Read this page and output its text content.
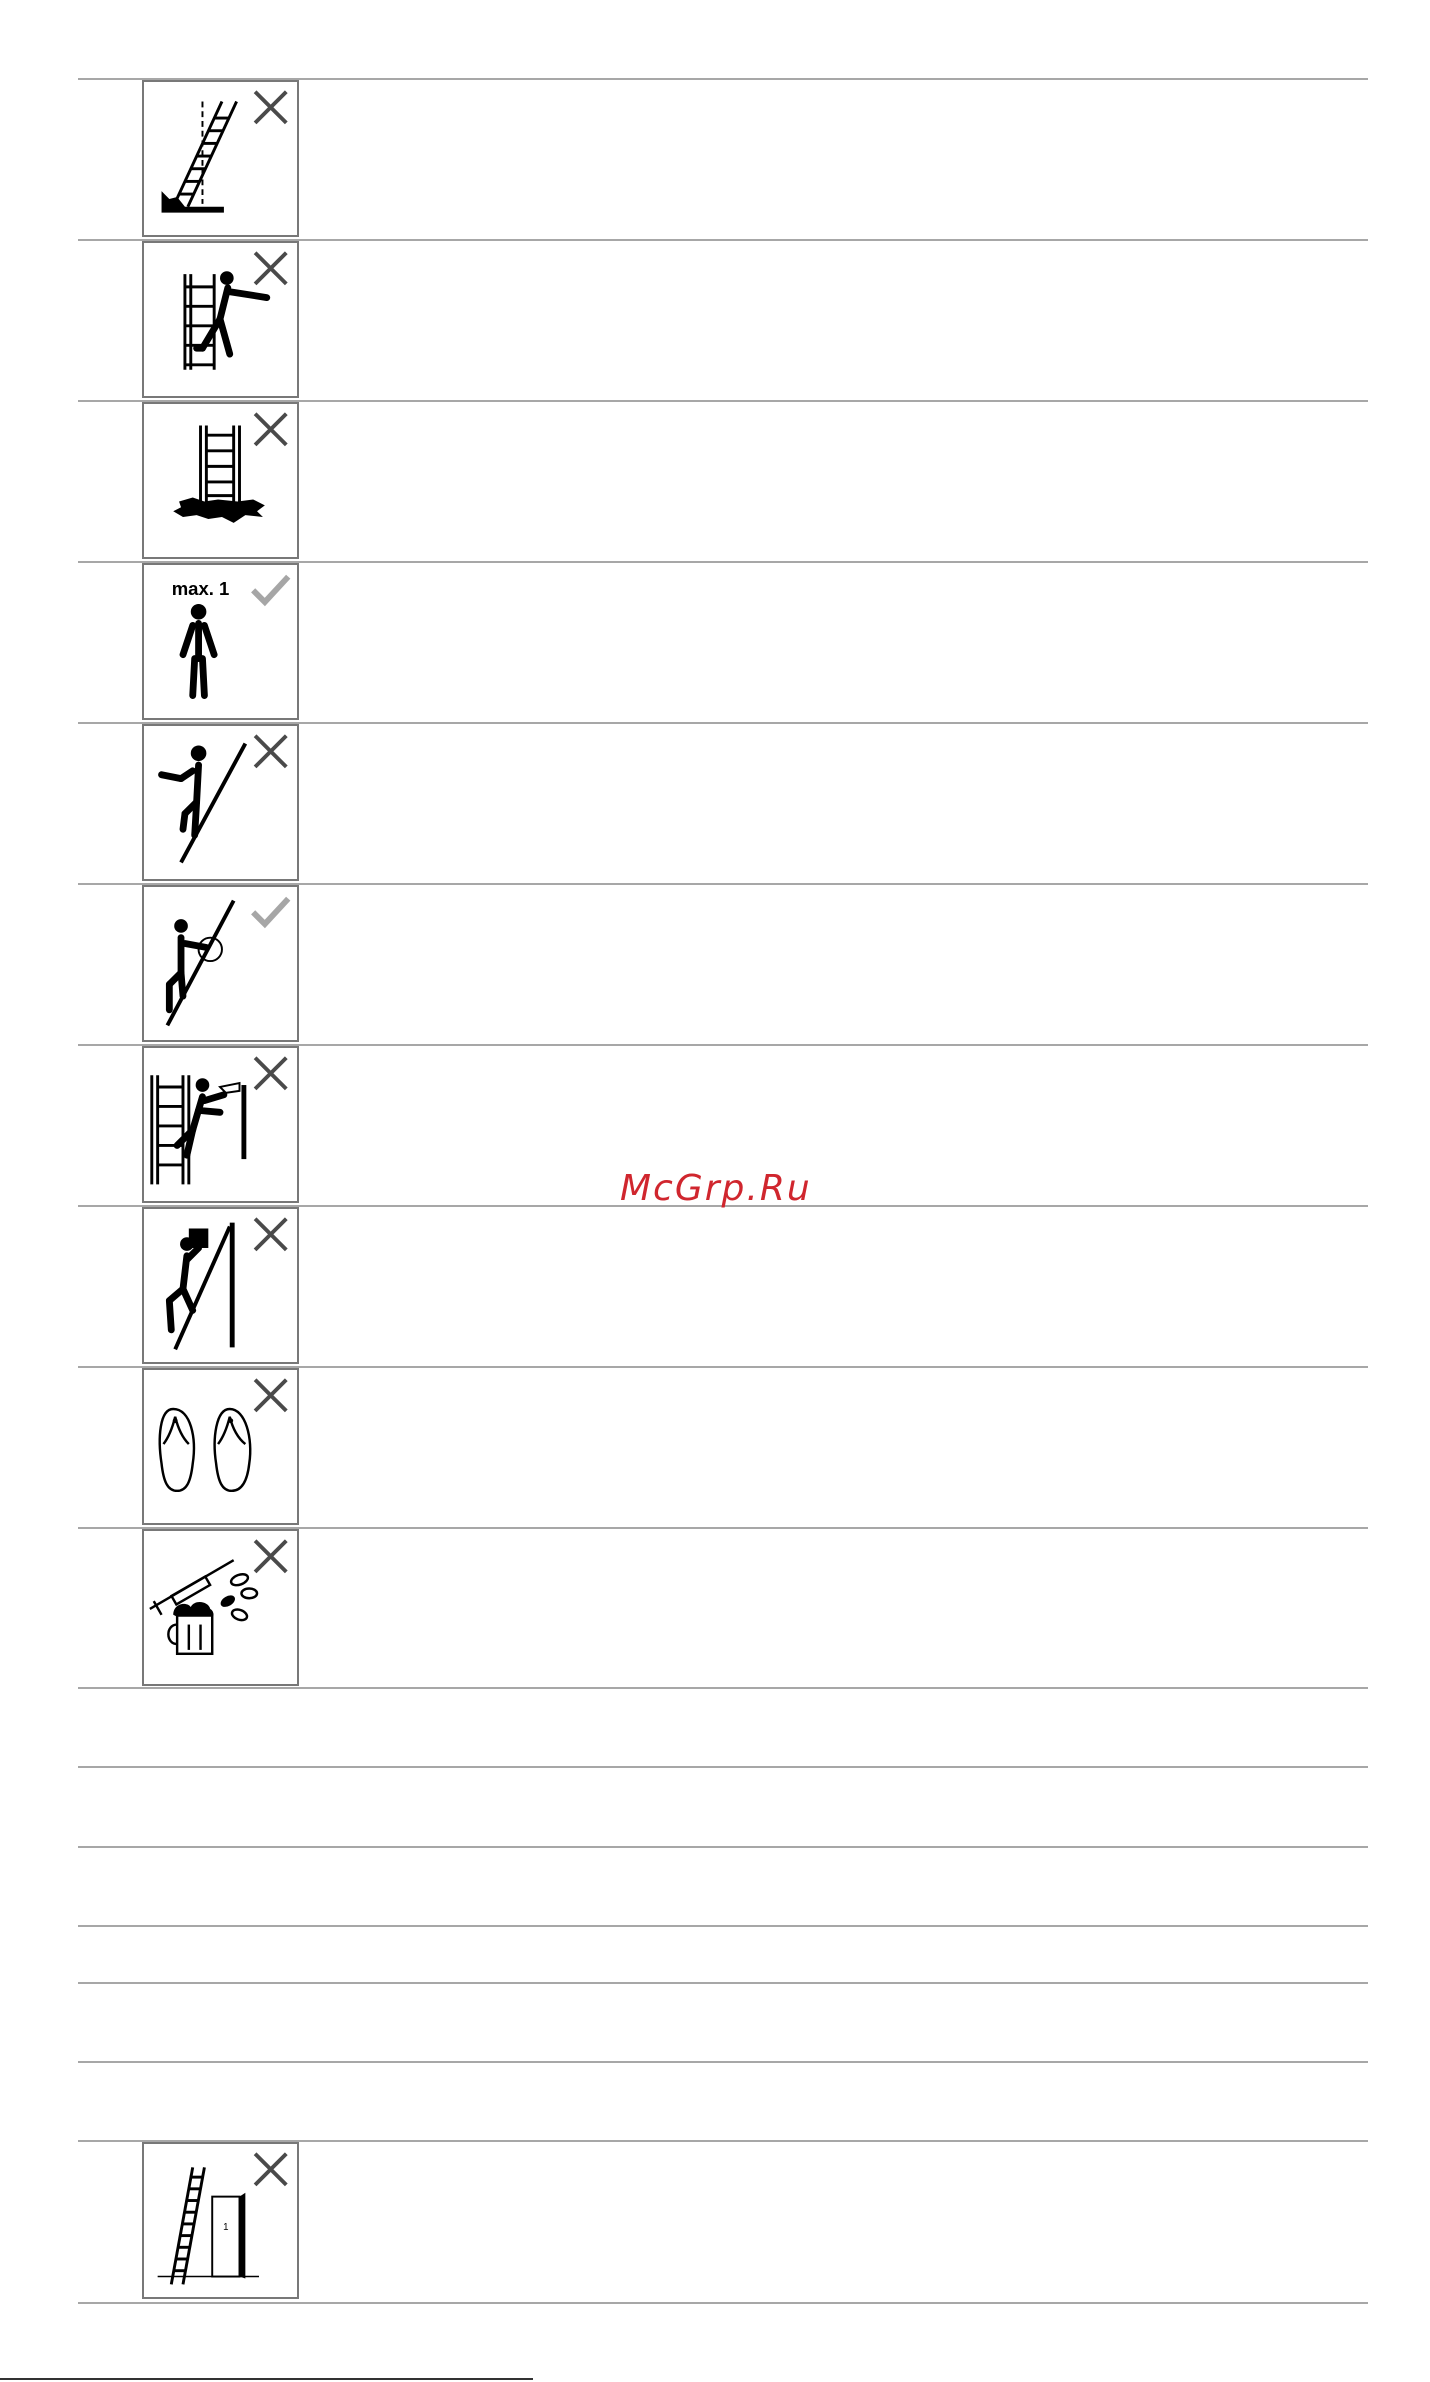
max. 1
1
McGrp.Ru
